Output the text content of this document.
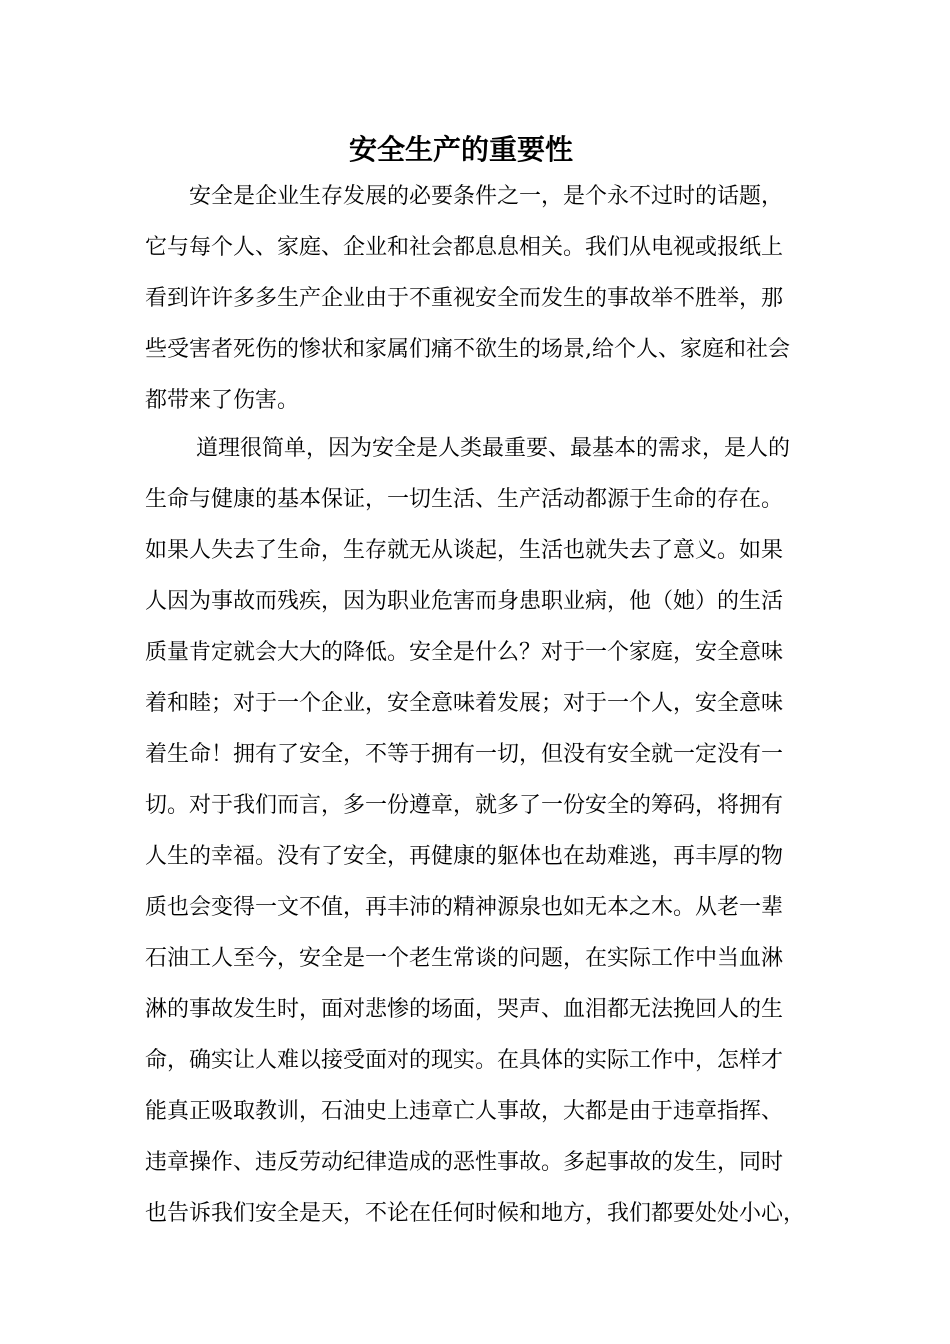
安全生产的重要性
　　安全是企业生存发展的必要条件之一，是个永不过时的话题，
它与每个人、家庭、企业和社会都息息相关。我们从电视或报纸上
看到许许多多生产企业由于不重视安全而发生的事故举不胜举，那
些受害者死伤的惨状和家属们痛不欲生的场景,给个人、家庭和社会
都带来了伤害。
　　 道理很简单，因为安全是人类最重要、最基本的需求，是人的
生命与健康的基本保证，一切生活、生产活动都源于生命的存在。
如果人失去了生命，生存就无从谈起，生活也就失去了意义。如果
人因为事故而残疾，因为职业危害而身患职业病，他（她）的生活
质量肯定就会大大的降低。安全是什么？对于一个家庭，安全意味
着和睦；对于一个企业，安全意味着发展；对于一个人，安全意味
着生命！拥有了安全，不等于拥有一切，但没有安全就一定没有一
切。对于我们而言，多一份遵章，就多了一份安全的筹码，将拥有
人生的幸福。没有了安全，再健康的躯体也在劫难逃，再丰厚的物
质也会变得一文不值，再丰沛的精神源泉也如无本之木。从老一辈
石油工人至今，安全是一个老生常谈的问题，在实际工作中当血淋
淋的事故发生时，面对悲惨的场面，哭声、血泪都无法挽回人的生
命，确实让人难以接受面对的现实。在具体的实际工作中，怎样才
能真正吸取教训，石油史上违章亡人事故，大都是由于违章指挥、
违章操作、违反劳动纪律造成的恶性事故。多起事故的发生，同时
也告诉我们安全是天，不论在任何时候和地方，我们都要处处小心，
